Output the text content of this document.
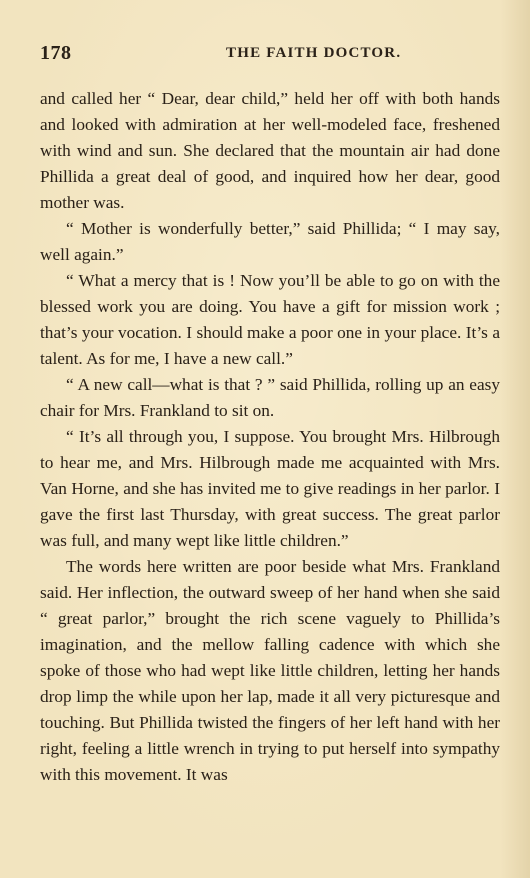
178	THE FAITH DOCTOR.

and called her “ Dear, dear child,” held her off with both hands and looked with admiration at her well-modeled face, freshened with wind and sun. She declared that the mountain air had done Phillida a great deal of good, and inquired how her dear, good mother was.

“ Mother is wonderfully better,” said Phillida; “ I may say, well again.”

“ What a mercy that is ! Now you’ll be able to go on with the blessed work you are doing. You have a gift for mission work ; that’s your vocation. I should make a poor one in your place. It’s a talent. As for me, I have a new call.”

“ A new call—what is that ? ” said Phillida, rolling up an easy chair for Mrs. Frankland to sit on.

“ It’s all through you, I suppose. You brought Mrs. Hilbrough to hear me, and Mrs. Hilbrough made me acquainted with Mrs. Van Horne, and she has invited me to give readings in her parlor. I gave the first last Thursday, with great success. The great parlor was full, and many wept like little children.”

The words here written are poor beside what Mrs. Frankland said. Her inflection, the outward sweep of her hand when she said “ great parlor,” brought the rich scene vaguely to Phillida’s imagination, and the mellow falling cadence with which she spoke of those who had wept like little children, letting her hands drop limp the while upon her lap, made it all very picturesque and touching. But Phillida twisted the fingers of her left hand with her right, feeling a little wrench in trying to put herself into sympathy with this movement. It was
